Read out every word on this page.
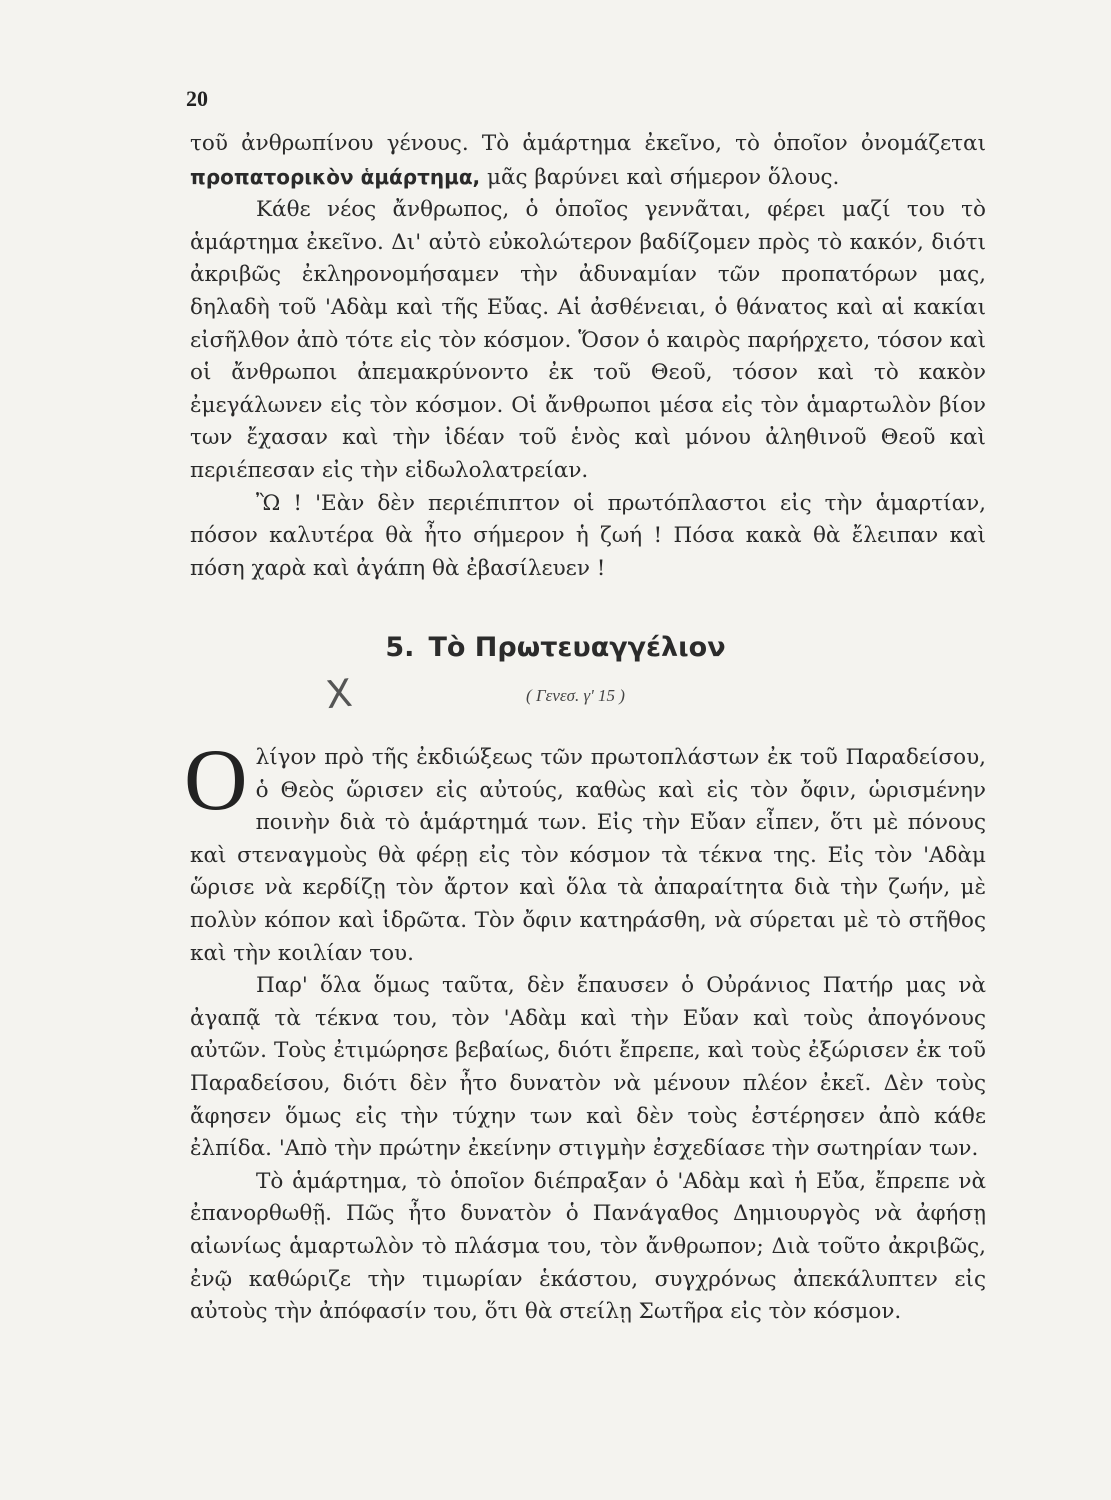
20

τοῦ ἀνθρωπίνου γένους. Τὸ ἁμάρτημα ἐκεῖνο, τὸ ὁποῖον ὀνομάζεται προπατορικὸν ἁμάρτημα, μᾶς βαρύνει καὶ σήμερον ὅλους.

Κάθε νέος ἄνθρωπος, ὁ ὁποῖος γεννᾶται, φέρει μαζί του τὸ ἁμάρτημα ἐκεῖνο. Δι' αὐτὸ εὐκολώτερον βαδίζομεν πρὸς τὸ κακόν, διότι ἀκριβῶς ἐκληρονομήσαμεν τὴν ἀδυναμίαν τῶν προπατόρων μας, δηλαδὴ τοῦ 'Αδὰμ καὶ τῆς Εὔας. Αἱ ἀσθένειαι, ὁ θάνατος καὶ αἱ κακίαι εἰσῆλθον ἀπὸ τότε εἰς τὸν κόσμον. Ὅσον ὁ καιρὸς παρήρχετο, τόσον καὶ οἱ ἄνθρωποι ἀπεμακρύνοντο ἐκ τοῦ Θεοῦ, τόσον καὶ τὸ κακὸν ἐμεγάλωνεν εἰς τὸν κόσμον. Οἱ ἄνθρωποι μέσα εἰς τὸν ἁμαρτωλὸν βίον των ἔχασαν καὶ τὴν ἰδέαν τοῦ ἑνὸς καὶ μόνου ἀληθινοῦ Θεοῦ καὶ περιέπεσαν εἰς τὴν εἰδωλολατρείαν.

Ὢ ! 'Εὰν δὲν περιέπιπτον οἱ πρωτόπλαστοι εἰς τὴν ἁμαρτίαν, πόσον καλυτέρα θὰ ἦτο σήμερον ἡ ζωή ! Πόσα κακὰ θὰ ἔλειπαν καὶ πόση χαρὰ καὶ ἀγάπη θὰ ἐβασίλευεν !

5. Τὸ Πρωτευαγγέλιον

( Γενεσ. γ' 15 )

Ⅹ

Ολίγον πρὸ τῆς ἐκδιώξεως τῶν πρωτοπλάστων ἐκ τοῦ Παραδείσου, ὁ Θεὸς ὥρισεν εἰς αὐτούς, καθὼς καὶ εἰς τὸν ὄφιν, ὡρισμένην ποινὴν διὰ τὸ ἁμάρτημά των. Εἰς τὴν Εὔαν εἶπεν, ὅτι μὲ πόνους καὶ στεναγμοὺς θὰ φέρῃ εἰς τὸν κόσμον τὰ τέκνα της. Εἰς τὸν 'Αδὰμ ὥρισε νὰ κερδίζῃ τὸν ἄρτον καὶ ὅλα τὰ ἀπαραίτητα διὰ τὴν ζωήν, μὲ πολὺν κόπον καὶ ἱδρῶτα. Τὸν ὄφιν κατηράσθη, νὰ σύρεται μὲ τὸ στῆθος καὶ τὴν κοιλίαν του.

Παρ' ὅλα ὅμως ταῦτα, δὲν ἔπαυσεν ὁ Οὐράνιος Πατήρ μας νὰ ἀγαπᾷ τὰ τέκνα του, τὸν 'Αδὰμ καὶ τὴν Εὔαν καὶ τοὺς ἀπογόνους αὐτῶν. Τοὺς ἐτιμώρησε βεβαίως, διότι ἔπρεπε, καὶ τοὺς ἐξώρισεν ἐκ τοῦ Παραδείσου, διότι δὲν ἦτο δυνατὸν νὰ μένουν πλέον ἐκεῖ. Δὲν τοὺς ἄφησεν ὅμως εἰς τὴν τύχην των καὶ δὲν τοὺς ἐστέρησεν ἀπὸ κάθε ἐλπίδα. 'Απὸ τὴν πρώτην ἐκείνην στιγμὴν ἐσχεδίασε τὴν σωτηρίαν των.

Τὸ ἁμάρτημα, τὸ ὁποῖον διέπραξαν ὁ 'Αδὰμ καὶ ἡ Εὔα, ἔπρεπε νὰ ἐπανορθωθῇ. Πῶς ἦτο δυνατὸν ὁ Πανάγαθος Δημιουργὸς νὰ ἀφήσῃ αἰωνίως ἁμαρτωλὸν τὸ πλάσμα του, τὸν ἄνθρωπον; Διὰ τοῦτο ἀκριβῶς, ἐνῷ καθώριζε τὴν τιμωρίαν ἑκάστου, συγχρόνως ἀπεκάλυπτεν εἰς αὐτοὺς τὴν ἀπόφασίν του, ὅτι θὰ στείλῃ Σωτῆρα εἰς τὸν κόσμον.
